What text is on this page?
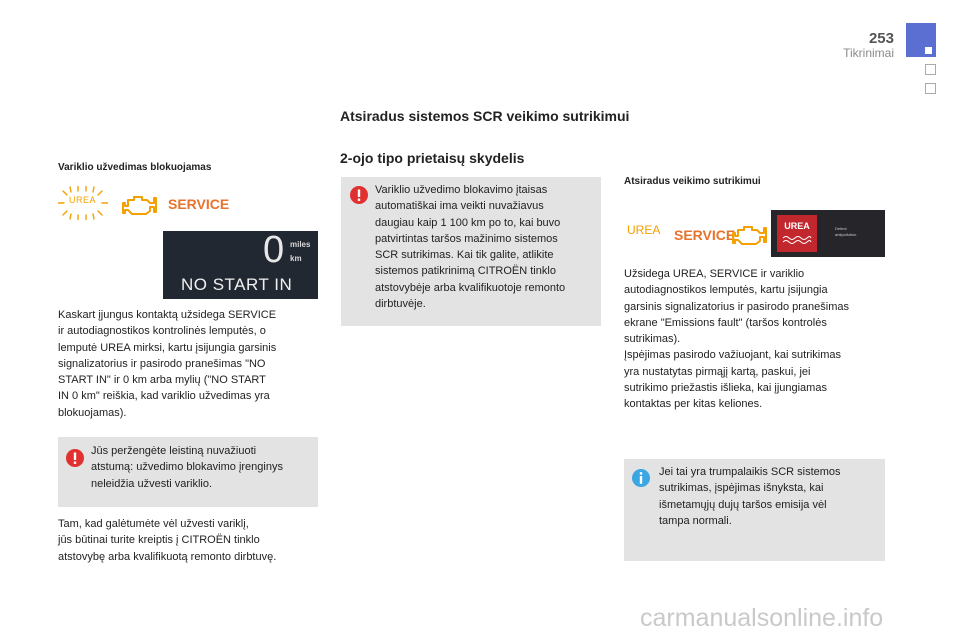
253
Tikrinimai
Atsiradus sistemos SCR veikimo sutrikimui
Variklio užvedimas blokuojamas
UREA	SERVICE
0 miles
km
NO START IN
Kaskart įjungus kontaktą užsidega SERVICE
ir autodiagnostikos kontrolinės lemputės, o
lemputė UREA mirksi, kartu įsijungia garsinis
signalizatorius ir pasirodo pranešimas "NO
START IN" ir 0 km arba mylių ("NO START
IN 0 km" reiškia, kad variklio užvedimas yra
blokuojamas).
Jūs peržengėte leistiną nuvažiuoti
atstumą: užvedimo blokavimo įrenginys
neleidžia užvesti variklio.
Tam, kad galėtumėte vėl užvesti variklį,
jūs būtinai turite kreiptis į CITROËN tinklo
atstovybę arba kvalifikuotą remonto dirbtuvę.
2-ojo tipo prietaisų skydelis
Variklio užvedimo blokavimo įtaisas
automatiškai ima veikti nuvažiavus
daugiau kaip 1 100 km po to, kai buvo
patvirtintas taršos mažinimo sistemos
SCR sutrikimas. Kai tik galite, atlikite
sistemos patikrinimą CITROËN tinklo
atstovybėje arba kvalifikuotoje remonto
dirbtuvėje.
Atsiradus veikimo sutrikimui
UREA SERVICE
UREA	Defect
antipollution
Užsidega UREA, SERVICE ir variklio
autodiagnostikos lemputės, kartu įsijungia
garsinis signalizatorius ir pasirodo pranešimas
ekrane "Emissions fault" (taršos kontrolės
sutrikimas).
Įspėjimas pasirodo važiuojant, kai sutrikimas
yra nustatytas pirmąjį kartą, paskui, jei
sutrikimo priežastis išlieka, kai įjungiamas
kontaktas per kitas keliones.
Jei tai yra trumpalaikis SCR sistemos
sutrikimas, įspėjimas išnyksta, kai
išmetamųjų dujų taršos emisija vėl
tampa normali.
carmanualsonline.info
